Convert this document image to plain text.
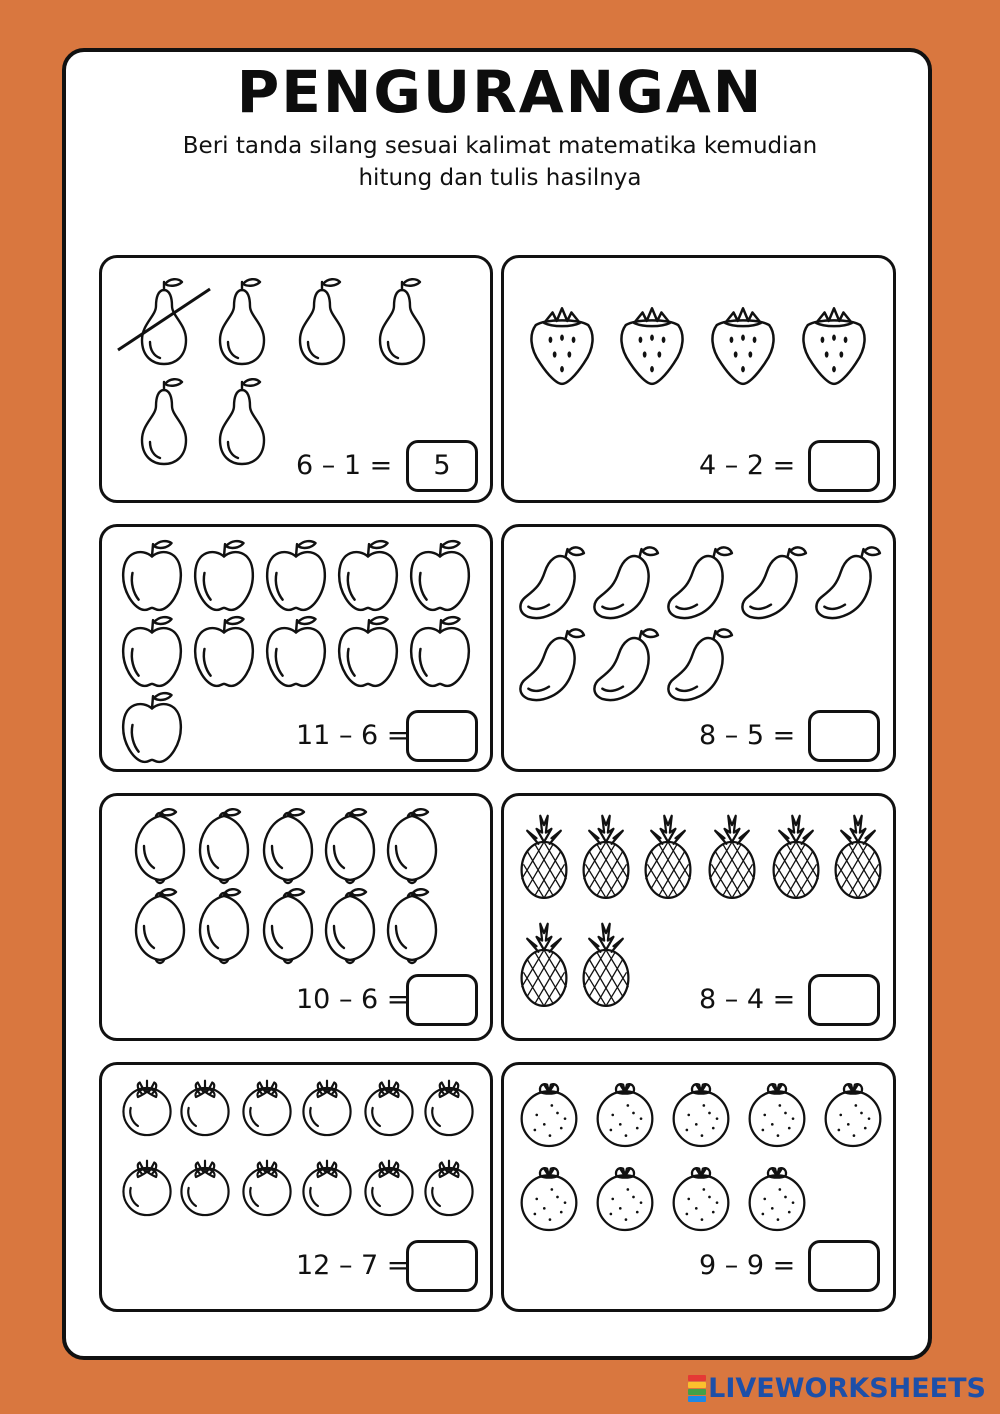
PENGURANGAN
Beri tanda silang sesuai kalimat matematika kemudian
hitung dan tulis hasilnya
6 – 1 =	5	4 – 2 =
11 – 6 =	8 – 5 =
10 – 6 =	8 – 4 =
12 – 7 =	9 – 9 =
LIVEWORKSHEETS
